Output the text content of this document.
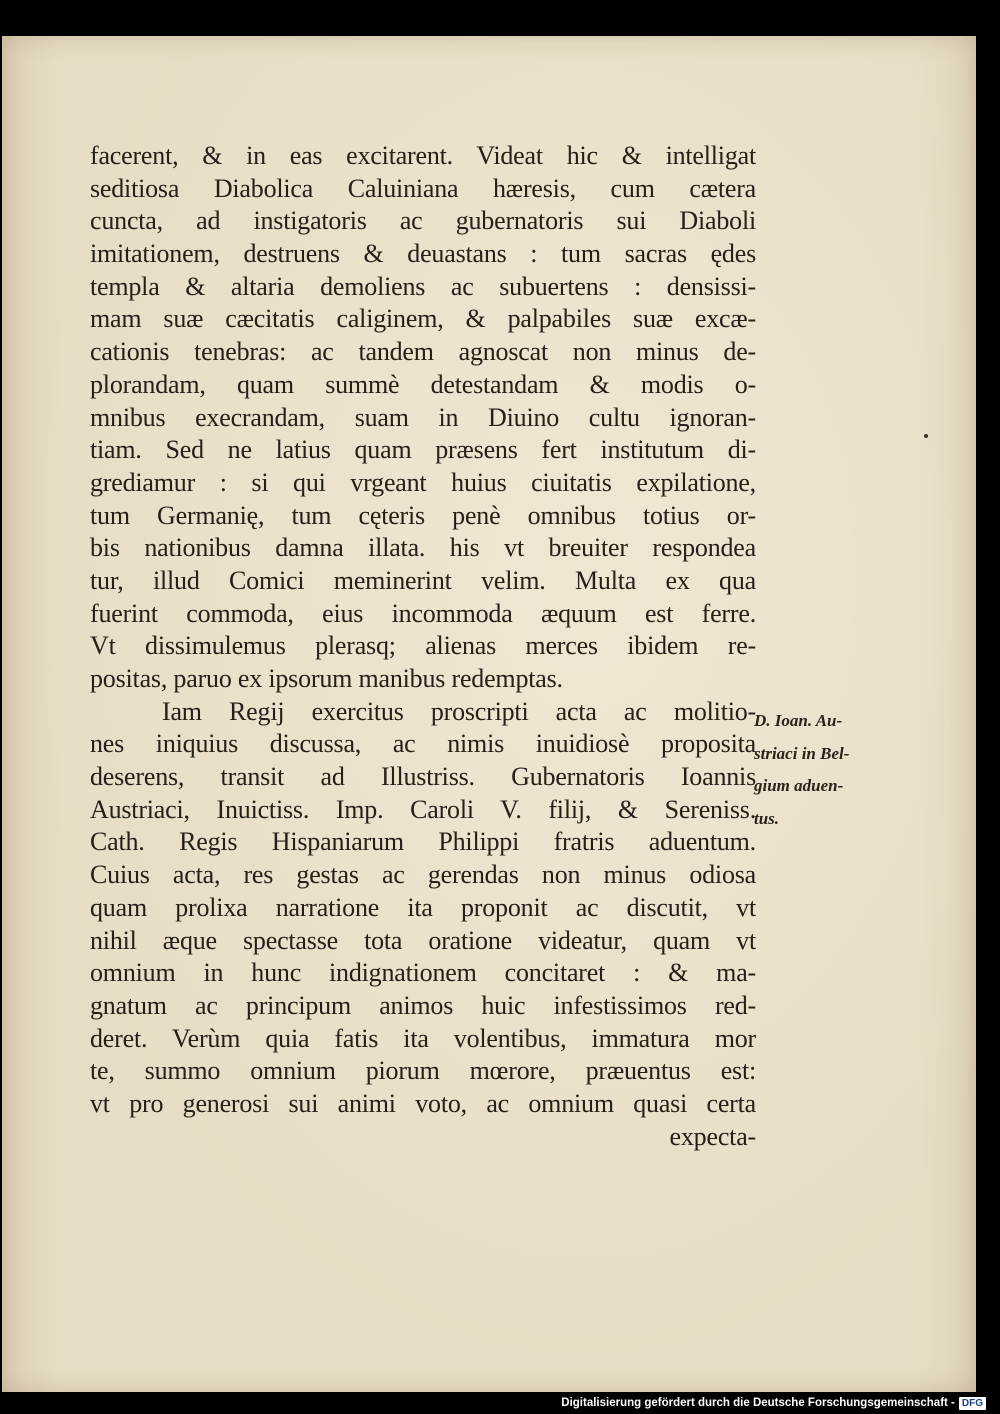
facerent, & in eas excitarent. Videat hic & intelligat
seditiosa Diabolica Caluiniana hæresis, cum cætera
cuncta, ad instigatoris ac gubernatoris sui Diaboli
imitationem, destruens & deuastans : tum sacras ędes
templa & altaria demoliens ac subuertens : densissi-
mam suæ cæcitatis caliginem, & palpabiles suæ excæ-
cationis tenebras: ac tandem agnoscat non minus de-
plorandam, quam summè detestandam & modis o-
mnibus execrandam, suam in Diuino cultu ignoran-
tiam. Sed ne latius quam præsens fert institutum di-
grediamur : si qui vrgeant huius ciuitatis expilatione,
tum Germanię, tum cęteris penè omnibus totius or-
bis nationibus damna illata. his vt breuiter respondea
tur, illud Comici meminerint velim. Multa ex qua
fuerint commoda, eius incommoda æquum est ferre.
Vt dissimulemus plerasq; alienas merces ibidem re-
positas, paruo ex ipsorum manibus redemptas.
Iam Regij exercitus proscripti acta ac molitio-
nes iniquius discussa, ac nimis inuidiosè proposita
deserens, transit ad Illustriss. Gubernatoris Ioannis
Austriaci, Inuictiss. Imp. Caroli V. filij, & Sereniss.
Cath. Regis Hispaniarum Philippi fratris aduentum.
Cuius acta, res gestas ac gerendas non minus odiosa
quam prolixa narratione ita proponit ac discutit, vt
nihil æque spectasse tota oratione videatur, quam vt
omnium in hunc indignationem concitaret : & ma-
gnatum ac principum animos huic infestissimos red-
deret. Verùm quia fatis ita volentibus, immatura mor
te, summo omnium piorum mœrore, præuentus est:
vt pro generosi sui animi voto, ac omnium quasi certa
expecta-
D. Ioan. Au-
striaci in Bel-
gium aduen-
tus.
Digitalisierung gefördert durch die Deutsche Forschungsgemeinschaft - DFG
